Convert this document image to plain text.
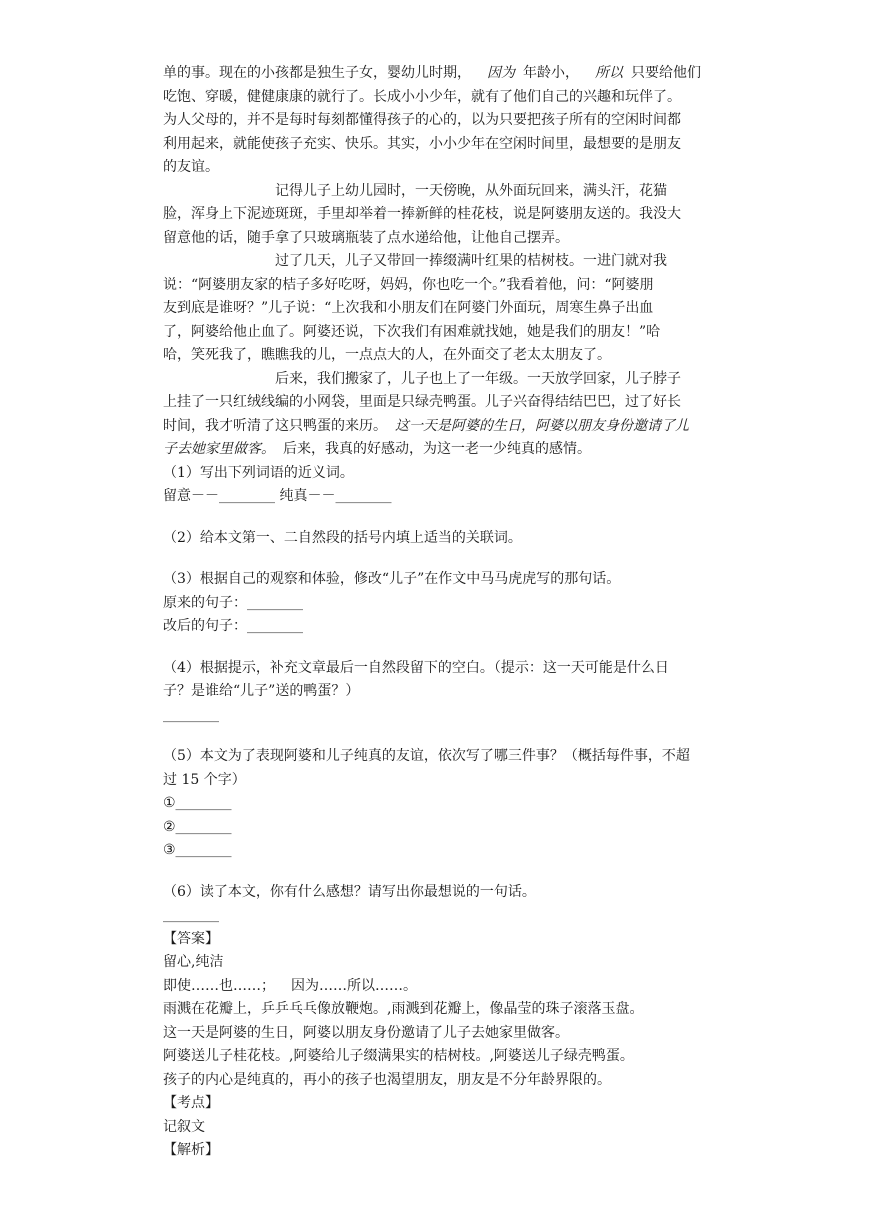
单的事。现在的小孩都是独生子女，婴幼儿时期， 因为 年龄小， 所以 只要给他们
吃饱、穿暖，健健康康的就行了。长成小小少年，就有了他们自己的兴趣和玩伴了。
为人父母的，并不是每时每刻都懂得孩子的心的，以为只要把孩子所有的空闲时间都
利用起来，就能使孩子充实、快乐。其实，小小少年在空闲时间里，最想要的是朋友
的友谊。
记得儿子上幼儿园时，一天傍晚，从外面玩回来，满头汗，花猫
脸，浑身上下泥迹斑斑，手里却举着一捧新鲜的桂花枝，说是阿婆朋友送的。我没大
留意他的话，随手拿了只玻璃瓶装了点水递给他，让他自己摆弄。
过了几天，儿子又带回一捧缀满叶红果的桔树枝。一进门就对我
说：“阿婆朋友家的桔子多好吃呀，妈妈，你也吃一个。”我看着他，问：“阿婆朋
友到底是谁呀？”儿子说：“上次我和小朋友们在阿婆门外面玩，周寒生鼻子出血
了，阿婆给他止血了。阿婆还说，下次我们有困难就找她，她是我们的朋友！”哈
哈，笑死我了，瞧瞧我的儿，一点点大的人，在外面交了老太太朋友了。
后来，我们搬家了，儿子也上了一年级。一天放学回家，儿子脖子
上挂了一只红绒线编的小网袋，里面是只绿壳鸭蛋。儿子兴奋得结结巴巴，过了好长
时间，我才听清了这只鸭蛋的来历。 这一天是阿婆的生日，阿婆以朋友身份邀请了儿
子去她家里做客。 后来，我真的好感动，为这一老一少纯真的感情。
（1）写出下列词语的近义词。
留意－－________ 纯真－－________
（2）给本文第一、二自然段的括号内填上适当的关联词。
（3）根据自己的观察和体验，修改“儿子”在作文中马马虎虎写的那句话。
原来的句子：________
改后的句子：________
（4）根据提示，补充文章最后一自然段留下的空白。（提示：这一天可能是什么日
子？是谁给“儿子”送的鸭蛋？）
________
（5）本文为了表现阿婆和儿子纯真的友谊，依次写了哪三件事？（概括每件事，不超
过 15 个字）
①________
②________
③________
（6）读了本文，你有什么感想？请写出你最想说的一句话。
________
【答案】
留心,纯洁
即使……也……； 因为……所以……。
雨溅在花瓣上，乒乒乓乓像放鞭炮。,雨溅到花瓣上，像晶莹的珠子滚落玉盘。
这一天是阿婆的生日，阿婆以朋友身份邀请了儿子去她家里做客。
阿婆送儿子桂花枝。,阿婆给儿子缀满果实的桔树枝。,阿婆送儿子绿壳鸭蛋。
孩子的内心是纯真的，再小的孩子也渴望朋友，朋友是不分年龄界限的。
【考点】
记叙文
【解析】
